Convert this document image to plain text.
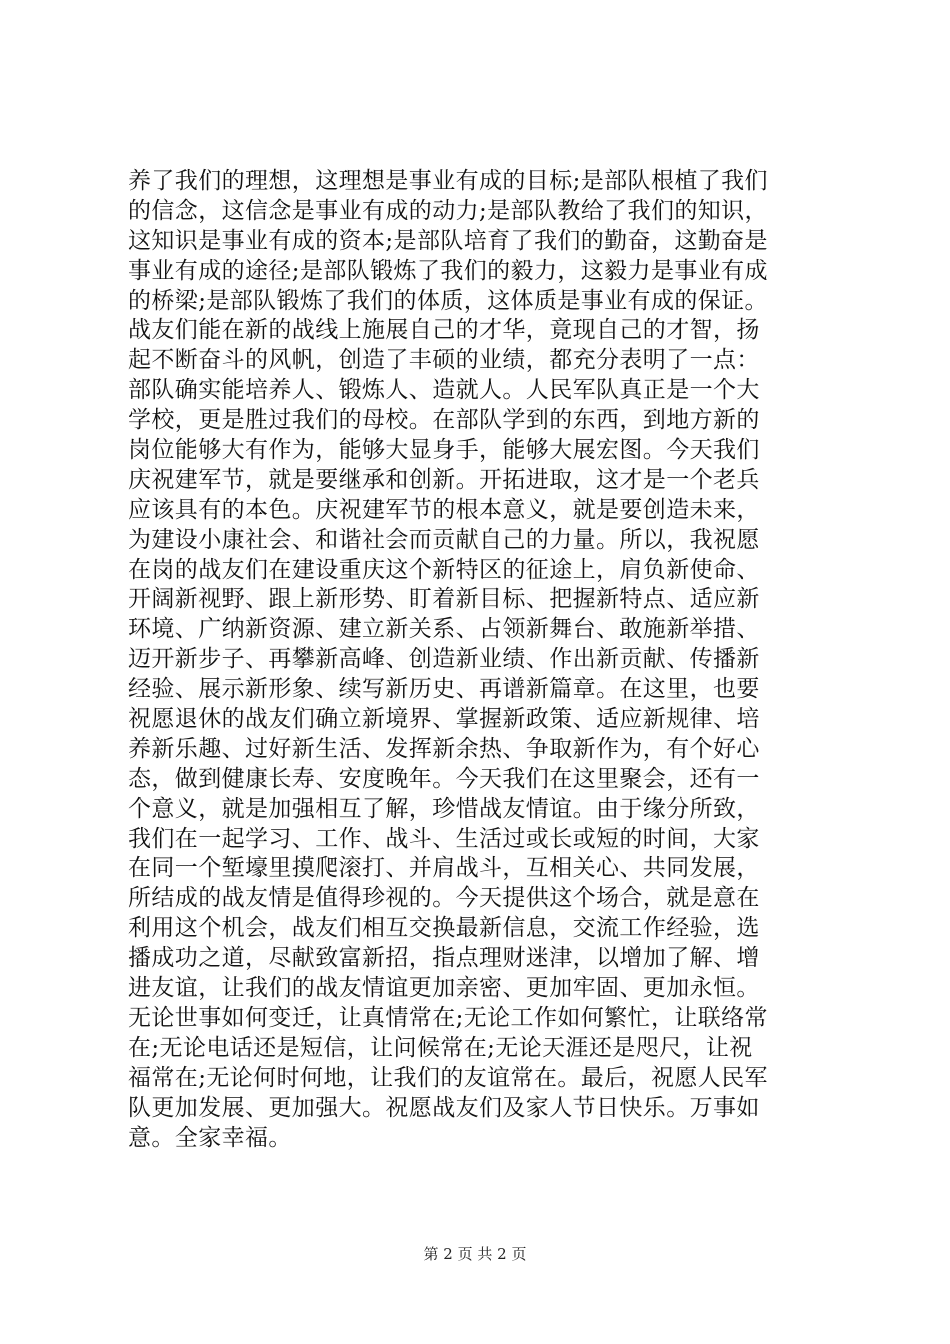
养了我们的理想，这理想是事业有成的目标;是部队根植了我们
的信念，这信念是事业有成的动力;是部队教给了我们的知识，
这知识是事业有成的资本;是部队培育了我们的勤奋，这勤奋是
事业有成的途径;是部队锻炼了我们的毅力，这毅力是事业有成
的桥梁;是部队锻炼了我们的体质，这体质是事业有成的保证。
战友们能在新的战线上施展自己的才华，竟现自己的才智，扬
起不断奋斗的风帆，创造了丰硕的业绩，都充分表明了一点：
部队确实能培养人、锻炼人、造就人。人民军队真正是一个大
学校，更是胜过我们的母校。在部队学到的东西，到地方新的
岗位能够大有作为，能够大显身手，能够大展宏图。今天我们
庆祝建军节，就是要继承和创新。开拓进取，这才是一个老兵
应该具有的本色。庆祝建军节的根本意义，就是要创造未来，
为建设小康社会、和谐社会而贡献自己的力量。所以，我祝愿
在岗的战友们在建设重庆这个新特区的征途上，肩负新使命、
开阔新视野、跟上新形势、盯着新目标、把握新特点、适应新
环境、广纳新资源、建立新关系、占领新舞台、敢施新举措、
迈开新步子、再攀新高峰、创造新业绩、作出新贡献、传播新
经验、展示新形象、续写新历史、再谱新篇章。在这里，也要
祝愿退休的战友们确立新境界、掌握新政策、适应新规律、培
养新乐趣、过好新生活、发挥新余热、争取新作为，有个好心
态，做到健康长寿、安度晚年。今天我们在这里聚会，还有一
个意义，就是加强相互了解，珍惜战友情谊。由于缘分所致，
我们在一起学习、工作、战斗、生活过或长或短的时间，大家
在同一个堑壕里摸爬滚打、并肩战斗，互相关心、共同发展，
所结成的战友情是值得珍视的。今天提供这个场合，就是意在
利用这个机会，战友们相互交换最新信息，交流工作经验，选
播成功之道，尽献致富新招，指点理财迷津，以增加了解、增
进友谊，让我们的战友情谊更加亲密、更加牢固、更加永恒。
无论世事如何变迁，让真情常在;无论工作如何繁忙，让联络常
在;无论电话还是短信，让问候常在;无论天涯还是咫尺，让祝
福常在;无论何时何地，让我们的友谊常在。最后，祝愿人民军
队更加发展、更加强大。祝愿战友们及家人节日快乐。万事如
意。全家幸福。
第 2 页 共 2 页
